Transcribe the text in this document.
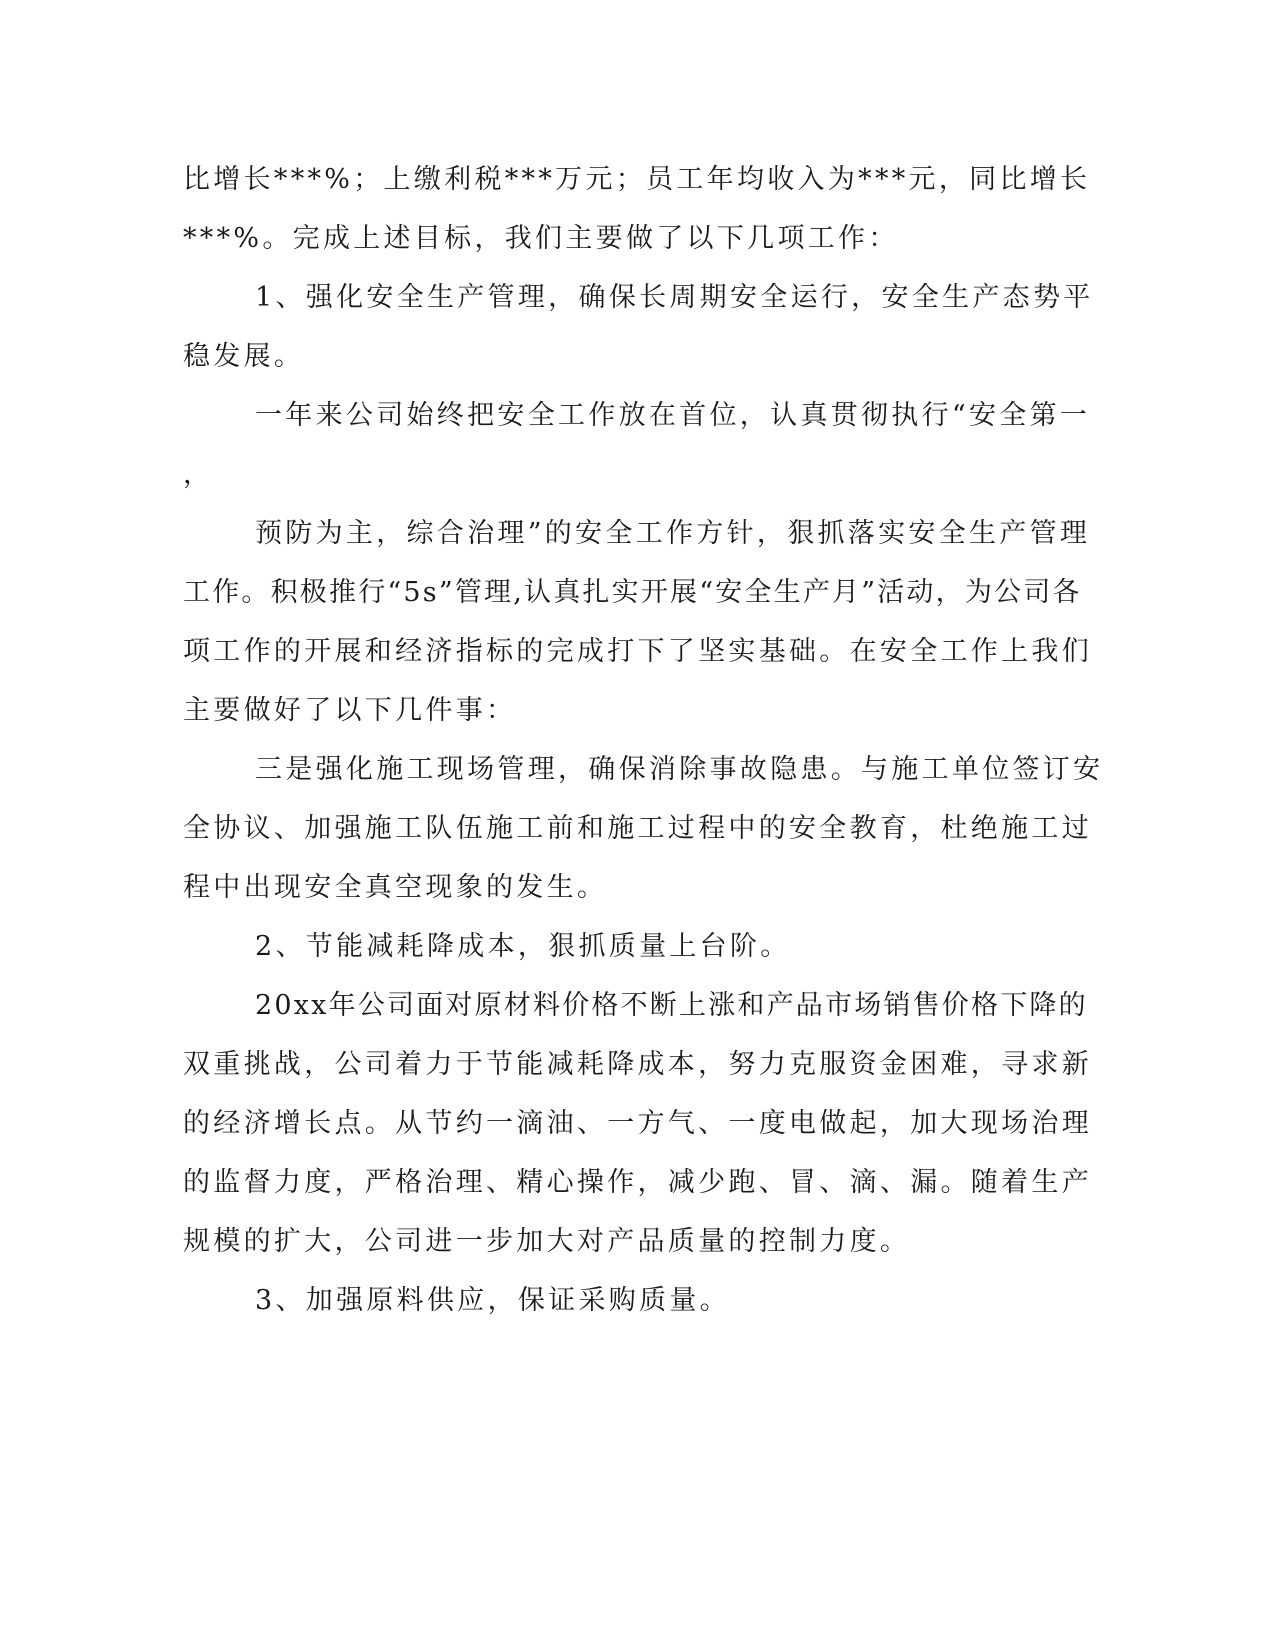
比增长***%；上缴利税***万元；员工年均收入为***元，同比增长
***%。完成上述目标，我们主要做了以下几项工作：
1、强化安全生产管理，确保长周期安全运行，安全生产态势平
稳发展。
一年来公司始终把安全工作放在首位，认真贯彻执行“安全第一
，
预防为主，综合治理”的安全工作方针，狠抓落实安全生产管理
工作。积极推行“5s”管理,认真扎实开展“安全生产月”活动，为公司各
项工作的开展和经济指标的完成打下了坚实基础。在安全工作上我们
主要做好了以下几件事：
三是强化施工现场管理，确保消除事故隐患。与施工单位签订安
全协议、加强施工队伍施工前和施工过程中的安全教育，杜绝施工过
程中出现安全真空现象的发生。
2、节能减耗降成本，狠抓质量上台阶。
20xx年公司面对原材料价格不断上涨和产品市场销售价格下降的
双重挑战，公司着力于节能减耗降成本，努力克服资金困难，寻求新
的经济增长点。从节约一滴油、一方气、一度电做起，加大现场治理
的监督力度，严格治理、精心操作，减少跑、冒、滴、漏。随着生产
规模的扩大，公司进一步加大对产品质量的控制力度。
3、加强原料供应，保证采购质量。
